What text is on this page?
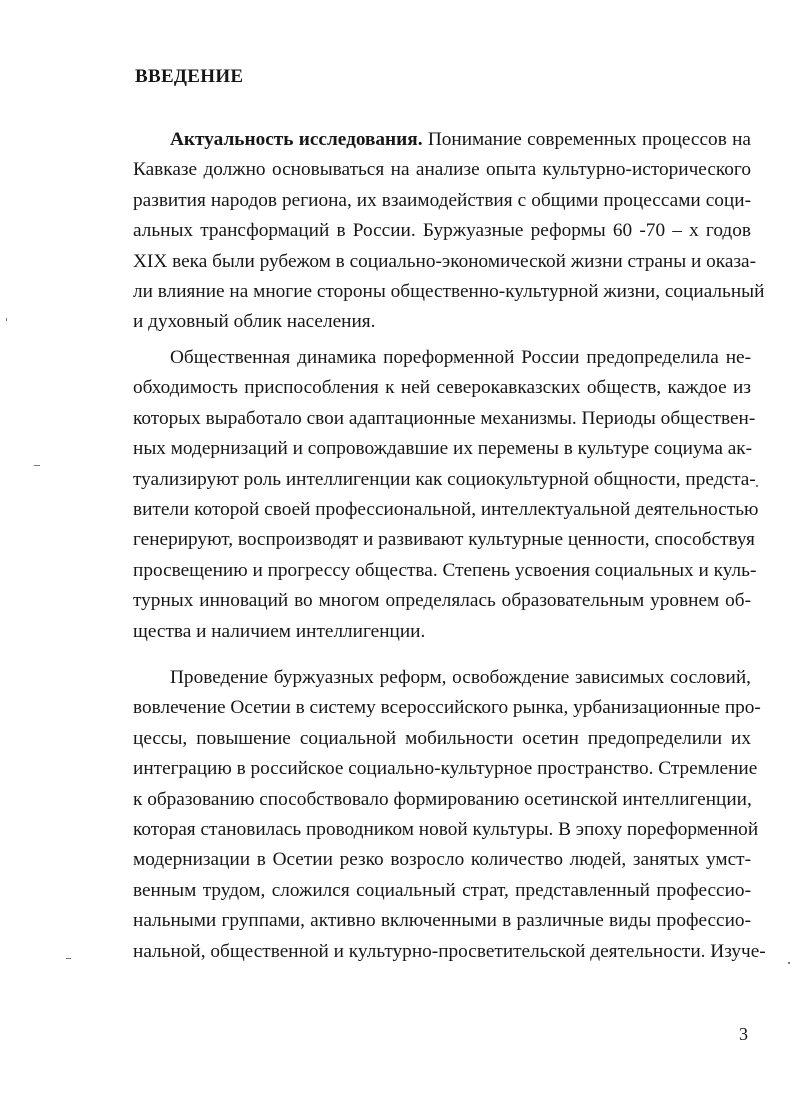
ВВЕДЕНИЕ
Актуальность исследования. Понимание современных процессов на
Кавказе должно основываться на анализе опыта культурно-исторического
развития народов региона, их взаимодействия с общими процессами соци-
альных трансформаций в России. Буржуазные реформы 60 -70 – х годов
XIX века были рубежом в социально-экономической жизни страны и оказа-
ли влияние на многие стороны общественно-культурной жизни, социальный
и духовный облик населения.
Общественная динамика пореформенной России предопределила не-
обходимость приспособления к ней северокавказских обществ, каждое из
которых выработало свои адаптационные механизмы. Периоды обществен-
ных модернизаций и сопровождавшие их перемены в культуре социума ак-
туализируют роль интеллигенции как социокультурной общности, предста-
вители которой своей профессиональной, интеллектуальной деятельностью
генерируют, воспроизводят и развивают культурные ценности, способствуя
просвещению и прогрессу общества. Степень усвоения социальных и куль-
турных инноваций во многом определялась образовательным уровнем об-
щества и наличием интеллигенции.
Проведение буржуазных реформ, освобождение зависимых сословий,
вовлечение Осетии в систему всероссийского рынка, урбанизационные про-
цессы, повышение социальной мобильности осетин предопределили их
интеграцию в российское социально-культурное пространство. Стремление
к образованию способствовало формированию осетинской интеллигенции,
которая становилась проводником новой культуры. В эпоху пореформенной
модернизации в Осетии резко возросло количество людей, занятых умст-
венным трудом, сложился социальный страт, представленный профессио-
нальными группами, активно включенными в различные виды профессио-
нальной, общественной и культурно-просветительской деятельности. Изуче-

3
